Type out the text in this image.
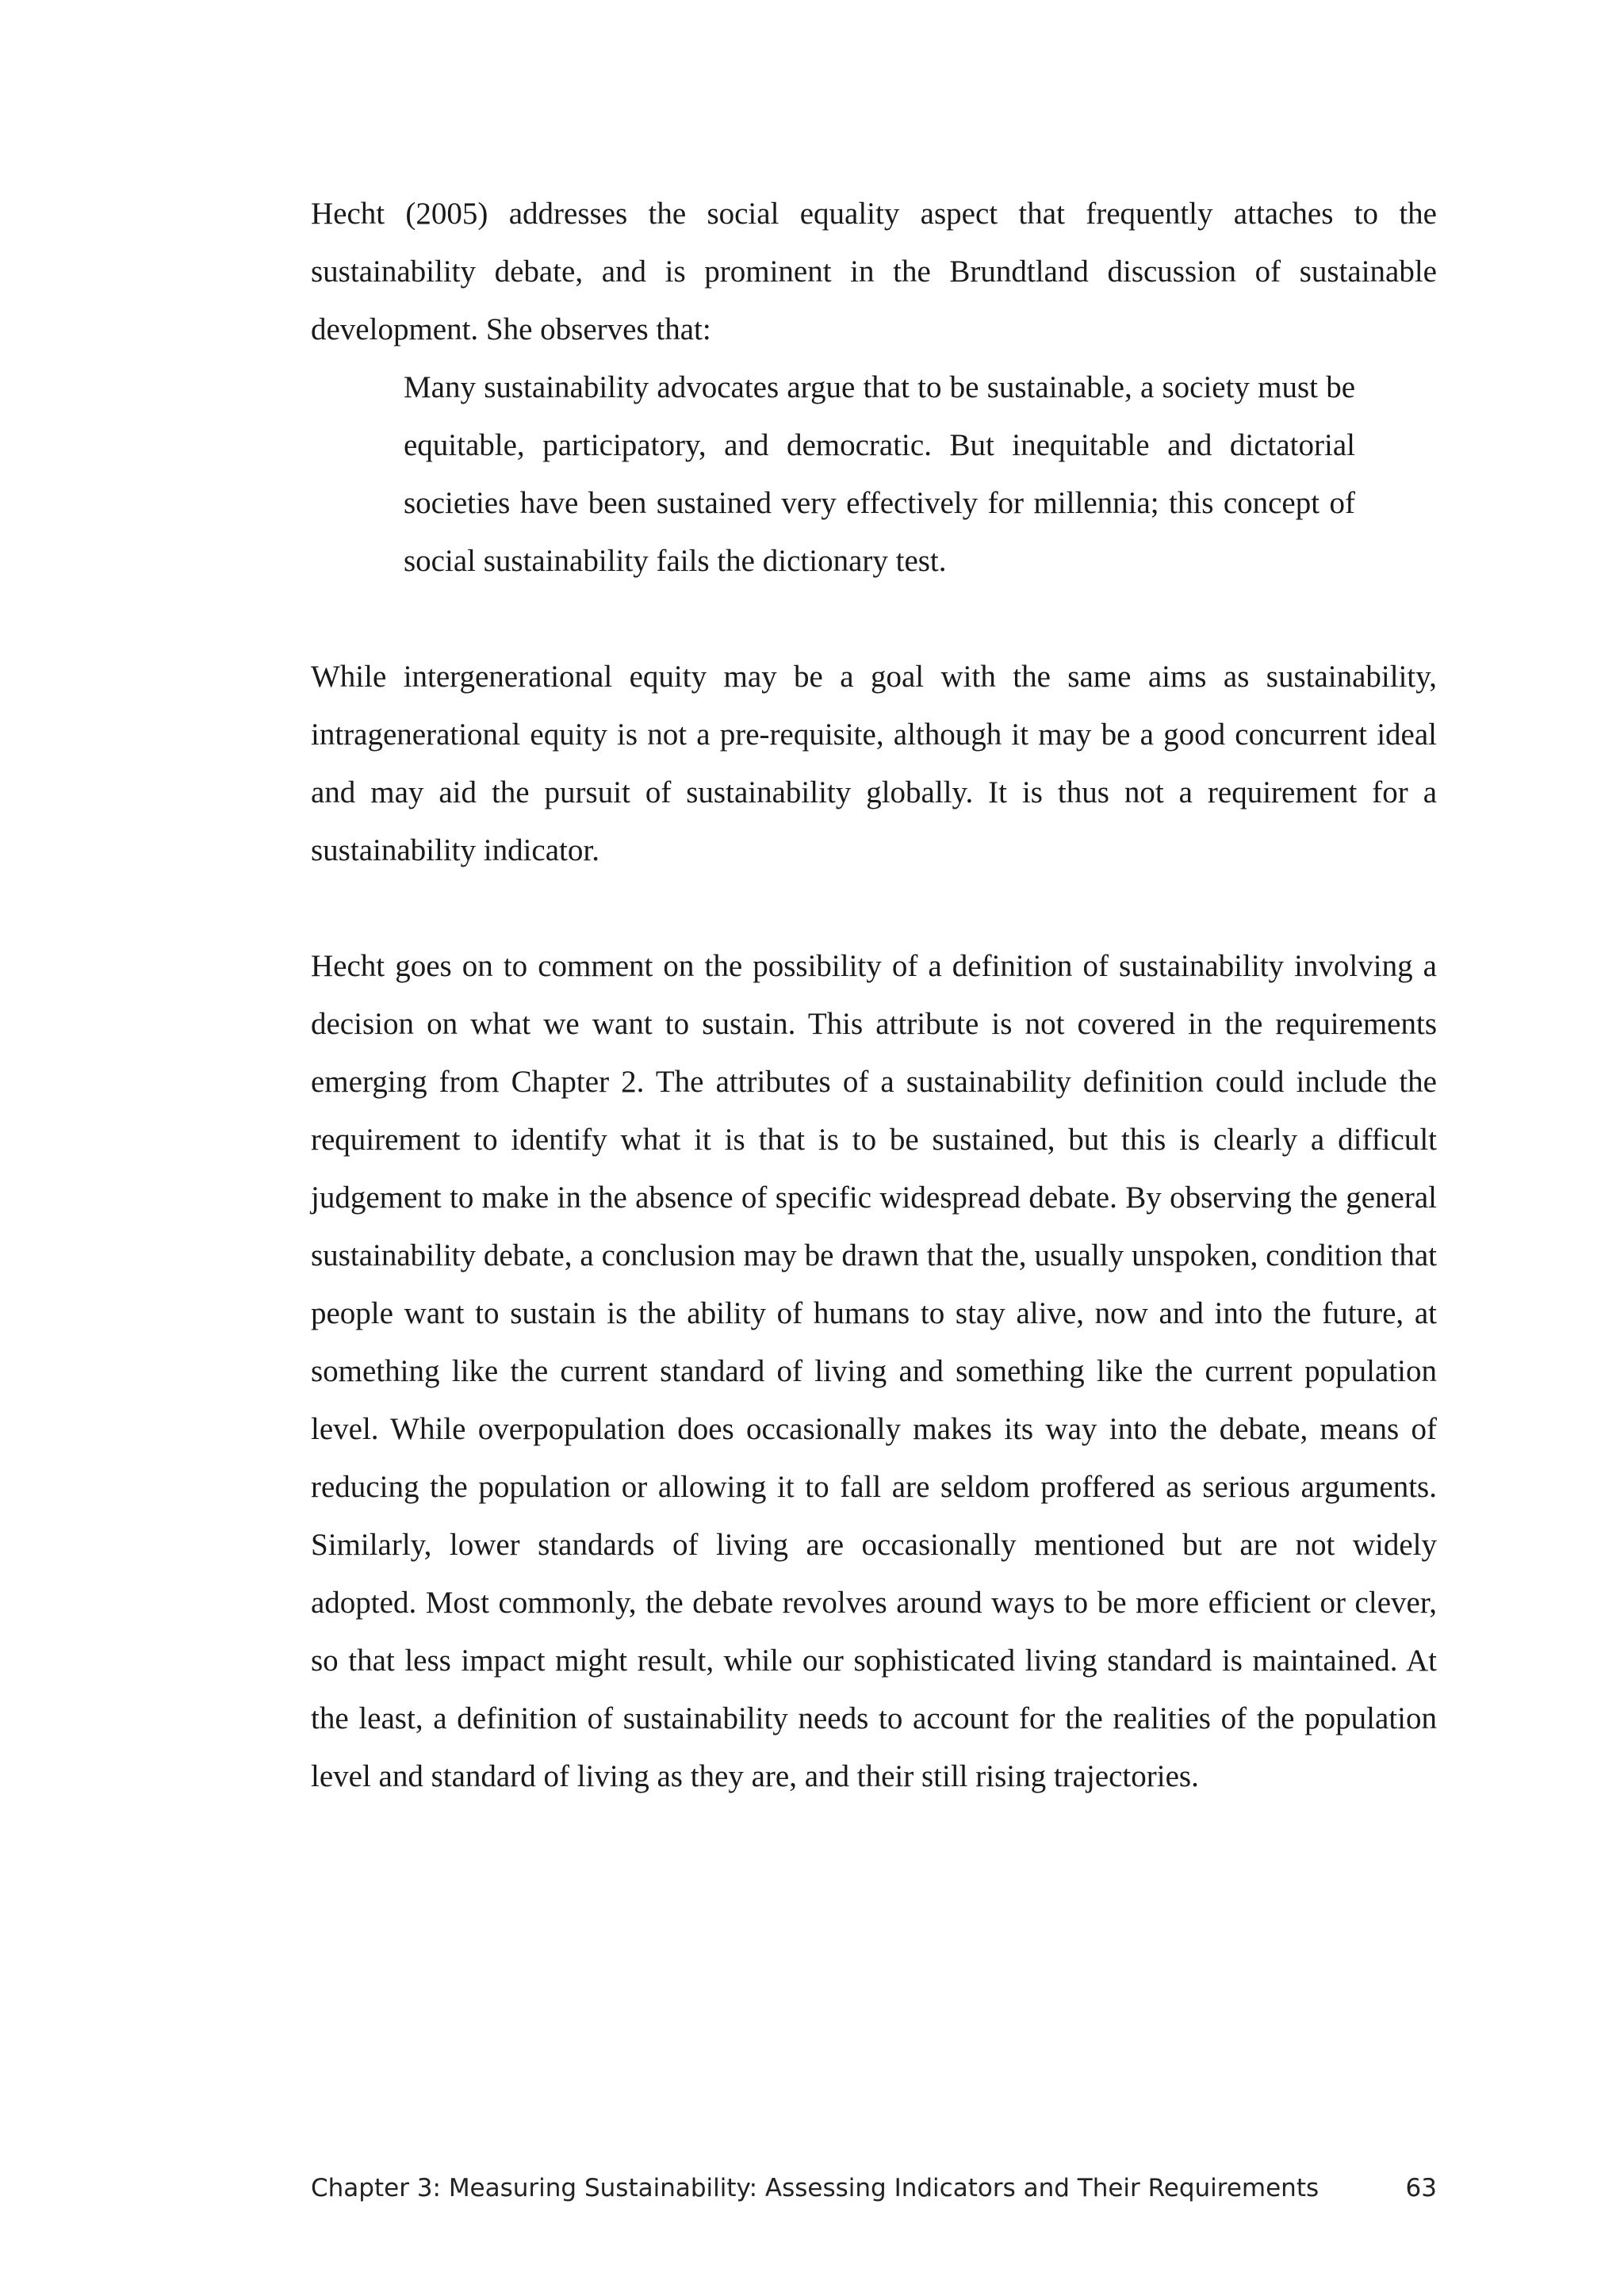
Hecht (2005) addresses the social equality aspect that frequently attaches to the sustainability debate, and is prominent in the Brundtland discussion of sustainable development. She observes that:

Many sustainability advocates argue that to be sustainable, a society must be equitable, participatory, and democratic. But inequitable and dictatorial societies have been sustained very effectively for millennia; this concept of social sustainability fails the dictionary test.

While intergenerational equity may be a goal with the same aims as sustainability, intragenerational equity is not a pre-requisite, although it may be a good concurrent ideal and may aid the pursuit of sustainability globally. It is thus not a requirement for a sustainability indicator.

Hecht goes on to comment on the possibility of a definition of sustainability involving a decision on what we want to sustain. This attribute is not covered in the requirements emerging from Chapter 2. The attributes of a sustainability definition could include the requirement to identify what it is that is to be sustained, but this is clearly a difficult judgement to make in the absence of specific widespread debate. By observing the general sustainability debate, a conclusion may be drawn that the, usually unspoken, condition that people want to sustain is the ability of humans to stay alive, now and into the future, at something like the current standard of living and something like the current population level. While overpopulation does occasionally makes its way into the debate, means of reducing the population or allowing it to fall are seldom proffered as serious arguments. Similarly, lower standards of living are occasionally mentioned but are not widely adopted. Most commonly, the debate revolves around ways to be more efficient or clever, so that less impact might result, while our sophisticated living standard is maintained. At the least, a definition of sustainability needs to account for the realities of the population level and standard of living as they are, and their still rising trajectories.

Chapter 3: Measuring Sustainability: Assessing Indicators and Their Requirements	63
